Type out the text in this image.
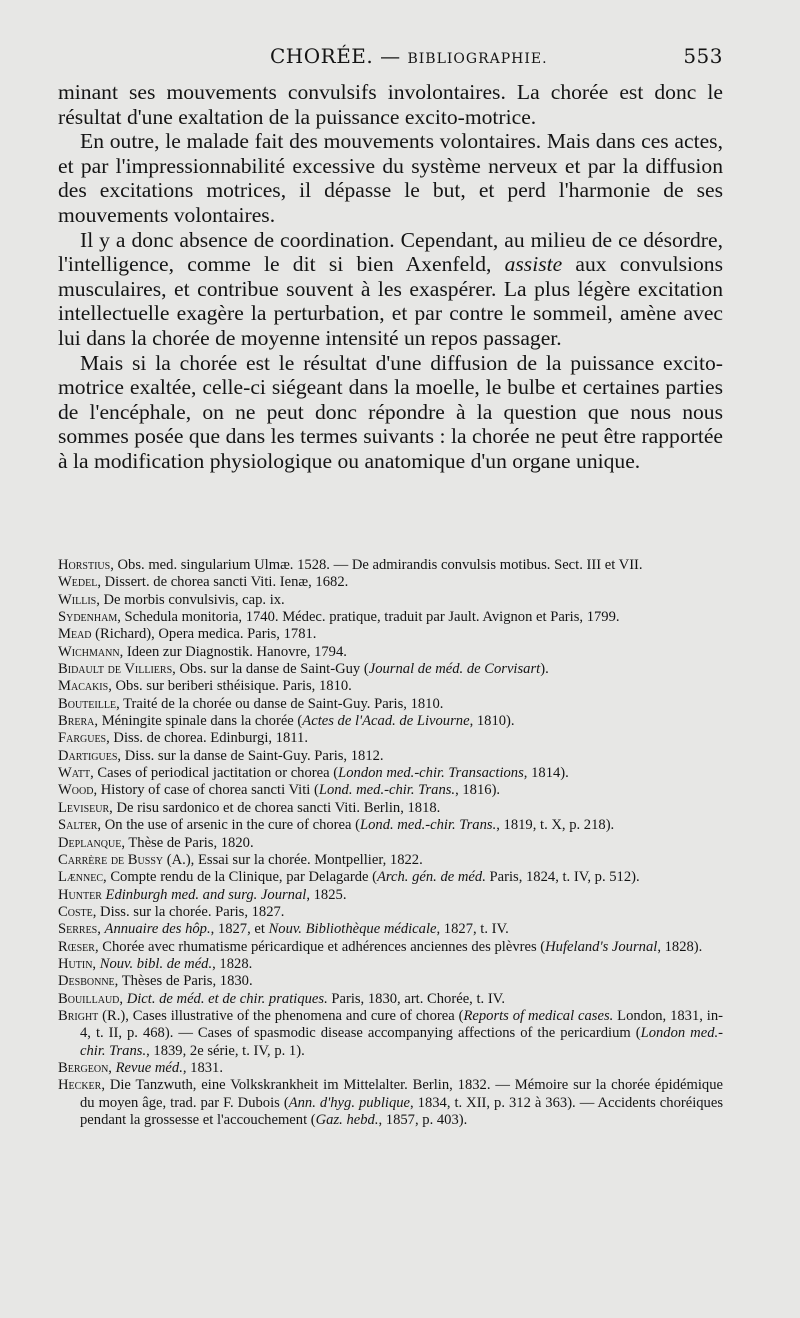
CHORÉE. — BIBLIOGRAPHIE.	553

minant ses mouvements convulsifs involontaires. La chorée est donc le résultat d'une exaltation de la puissance excito-motrice.

En outre, le malade fait des mouvements volontaires. Mais dans ces actes, et par l'impressionnabilité excessive du système nerveux et par la diffusion des excitations motrices, il dépasse le but, et perd l'harmonie de ses mouvements volontaires.

Il y a donc absence de coordination. Cependant, au milieu de ce désordre, l'intelligence, comme le dit si bien Axenfeld, assiste aux convulsions musculaires, et contribue souvent à les exaspérer. La plus légère excitation intellectuelle exagère la perturbation, et par contre le sommeil, amène avec lui dans la chorée de moyenne intensité un repos passager.

Mais si la chorée est le résultat d'une diffusion de la puissance excito-motrice exaltée, celle-ci siégeant dans la moelle, le bulbe et certaines parties de l'encéphale, on ne peut donc répondre à la question que nous nous sommes posée que dans les termes suivants : la chorée ne peut être rapportée à la modification physiologique ou anatomique d'un organe unique.

Horstius, Obs. med. singularium Ulmæ. 1528. — De admirandis convulsis motibus. Sect. III et VII.

Wedel, Dissert. de chorea sancti Viti. Ienæ, 1682.

Willis, De morbis convulsivis, cap. ix.

Sydenham, Schedula monitoria, 1740. Médec. pratique, traduit par Jault. Avignon et Paris, 1799.

Mead (Richard), Opera medica. Paris, 1781.

Wichmann, Ideen zur Diagnostik. Hanovre, 1794.

Bidault de Villiers, Obs. sur la danse de Saint-Guy (Journal de méd. de Corvisart).

Macakis, Obs. sur beriberi sthéisique. Paris, 1810.

Bouteille, Traité de la chorée ou danse de Saint-Guy. Paris, 1810.

Brera, Méningite spinale dans la chorée (Actes de l'Acad. de Livourne, 1810).

Fargues, Diss. de chorea. Edinburgi, 1811.

Dartigues, Diss. sur la danse de Saint-Guy. Paris, 1812.

Watt, Cases of periodical jactitation or chorea (London med.-chir. Transactions, 1814).

Wood, History of case of chorea sancti Viti (Lond. med.-chir. Trans., 1816).

Leviseur, De risu sardonico et de chorea sancti Viti. Berlin, 1818.

Salter, On the use of arsenic in the cure of chorea (Lond. med.-chir. Trans., 1819, t. X, p. 218).

Deplanque, Thèse de Paris, 1820.

Carrère de Bussy (A.), Essai sur la chorée. Montpellier, 1822.

Lænnec, Compte rendu de la Clinique, par Delagarde (Arch. gén. de méd. Paris, 1824, t. IV, p. 512).

Hunter Edinburgh med. and surg. Journal, 1825.

Coste, Diss. sur la chorée. Paris, 1827.

Serres, Annuaire des hôp., 1827, et Nouv. Bibliothèque médicale, 1827, t. IV.

Rœser, Chorée avec rhumatisme péricardique et adhérences anciennes des plèvres (Hufeland's Journal, 1828).

Hutin, Nouv. bibl. de méd., 1828.

Desbonne, Thèses de Paris, 1830.

Bouillaud, Dict. de méd. et de chir. pratiques. Paris, 1830, art. Chorée, t. IV.

Bright (R.), Cases illustrative of the phenomena and cure of chorea (Reports of medical cases. London, 1831, in-4, t. II, p. 468). — Cases of spasmodic disease accompanying affections of the pericardium (London med.-chir. Trans., 1839, 2e série, t. IV, p. 1).

Bergeon, Revue méd., 1831.

Hecker, Die Tanzwuth, eine Volkskrankheit im Mittelalter. Berlin, 1832. — Mémoire sur la chorée épidémique du moyen âge, trad. par F. Dubois (Ann. d'hyg. publique, 1834, t. XII, p. 312 à 363). — Accidents choréiques pendant la grossesse et l'accouchement (Gaz. hebd., 1857, p. 403).
